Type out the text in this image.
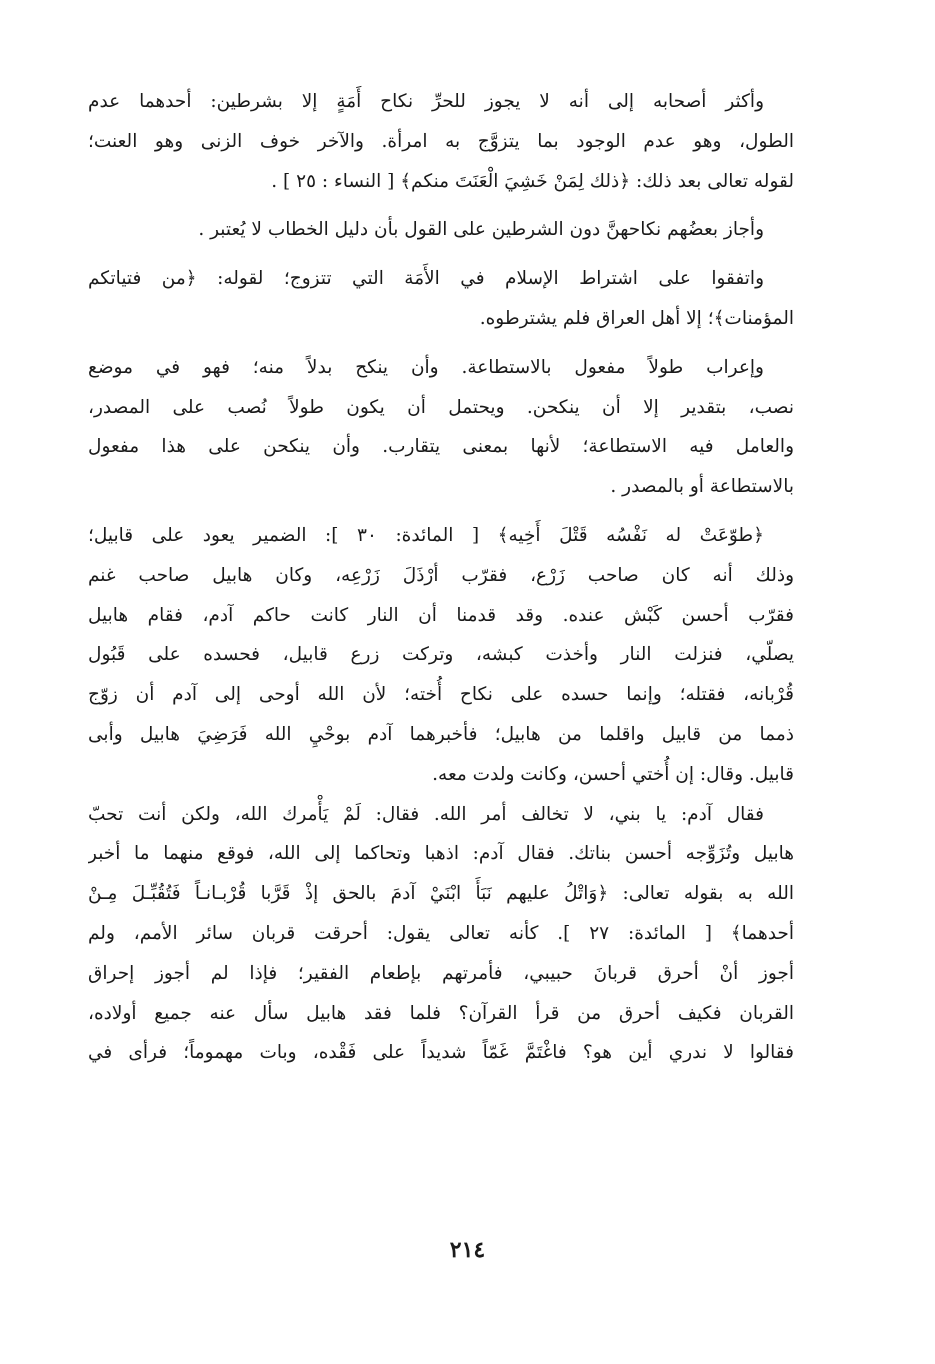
وأكثر أصحابه إلى أنه لا يجوز للحرِّ نكاح أَمَةٍ إلا بشرطين: أحدهما عدم
الطول، وهو عدم الوجود بما يتزوَّج به امرأة. والآخر خوف الزنى وهو العنت؛
لقوله تعالى بعد ذلك: ﴿ذلك لِمَنْ خَشِيَ الْعَنَتَ منكم﴾ [ النساء : ٢٥ ] .
وأجاز بعضُهم نكاحهنَّ دون الشرطين على القول بأن دليل الخطاب لا يُعتبر .
واتفقوا على اشتراط الإسلام في الأَمَة التي تتزوج؛ لقوله: ﴿من فتياتكم
المؤمنات﴾؛ إلا أهل العراق فلم يشترطوه.
وإعراب طولاً مفعول بالاستطاعة. وأن ينكح بدلاً منه؛ فهو في موضع
نصب، بتقدير إلا أن ينكحن. ويحتمل أن يكون طولاً نُصب على المصدر،
والعامل فيه الاستطاعة؛ لأنها بمعنى يتقارب. وأن ينكحن على هذا مفعول
بالاستطاعة أو بالمصدر .
﴿طوّعَتْ له نَفْسُه قَتْلَ أَخِيه﴾ [ المائدة: ٣٠ ]: الضمير يعود على قابيل؛
وذلك أنه كان صاحب زَرْع، فقرّب أرْذَلَ زَرْعِه، وكان هابيل صاحب غنم
فقرّب أحسن كَبْش عنده. وقد قدمنا أن النار كانت حاكم آدم، فقام هابيل
يصلّي، فنزلت النار وأخذت كبشه، وتركت زرع قابيل، فحسده على قَبُول
قُرْبانه، فقتله؛ وإنما حسده على نكاح أُخته؛ لأن الله أوحى إلى آدم أن زوّج
ذمما من قابيل واقلما من هابيل؛ فأخبرهما آدم بوحْيِ الله فَرَضِيَ هابيل وأبى
قابيل. وقال: إن أُختي أحسن، وكانت ولدت معه.
فقال آدم: يا بني، لا تخالف أمر الله. فقال: لَمْ يَأْمرك الله، ولكن أنت تحبّ
هابيل وتُزَوِّجه أحسن بناتك. فقال آدم: اذهبا وتحاكما إلى الله، فوقع منهما ما أخبر
الله به بقوله تعالى: ﴿وَاتْلُ عليهم نَبَأَ ابْنَيْ آدمَ بالحق إذْ قَرَّبا قُرْبـانـاً فَتُقُبِّـلَ مِـنْ
أحدهما﴾ [ المائدة: ٢٧ ]. كأنه تعالى يقول: أحرقت قربان سائر الأمم، ولم
أجوز أنْ أحرق قربانَ حبيبي، فأمرتهم بإطعام الفقير؛ فإذا لم أجوز إحراق
القربان فكيف أحرق من قرأ القرآن؟ فلما فقد هابيل سأل عنه جميع أولاده،
فقالوا لا ندري أين هو؟ فاغْتَمَّ غَمّاً شديداً على فَقْده، وبات مهموماً؛ فرأى في
٢١٤
